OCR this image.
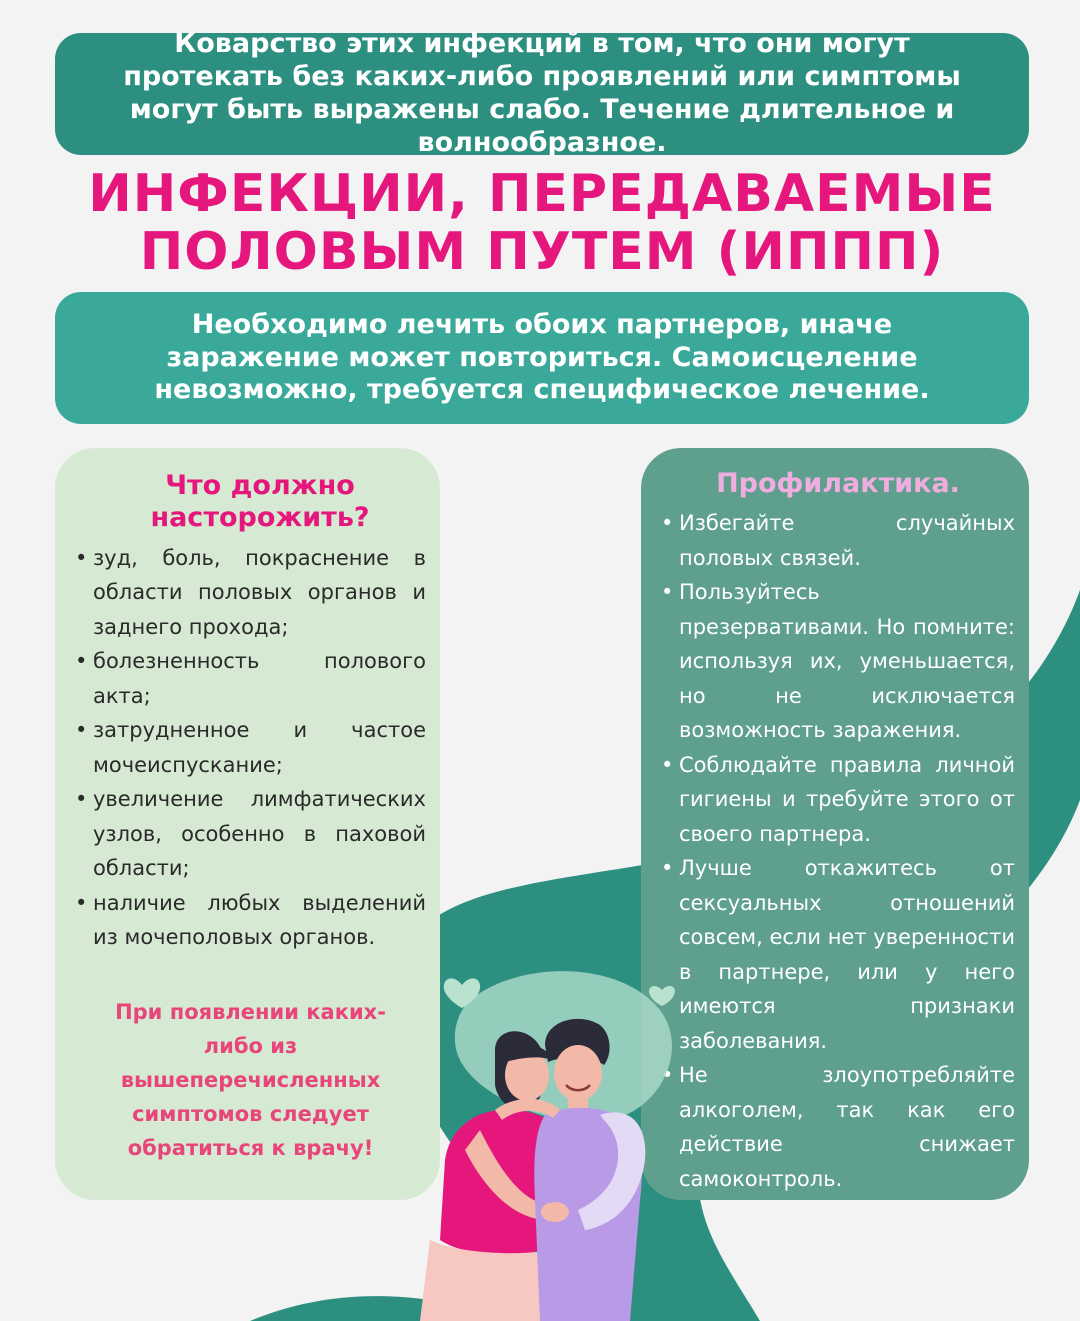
Коварство этих инфекций в том, что они могут протекать без каких-либо проявлений или симптомы могут быть выражены слабо. Течение длительное и волнообразное.
ИНФЕКЦИИ, ПЕРЕДАВАЕМЫЕ
ПОЛОВЫМ ПУТЕМ (ИППП)
Необходимо лечить обоих партнеров, иначе заражение может повториться. Самоисцеление невозможно, требуется специфическое лечение.
Что должно насторожить?
• зуд, боль, покраснение в области половых органов и заднего прохода;
• болезненность полового акта;
• затрудненное и частое мочеиспускание;
• увеличение лимфатических узлов, особенно в паховой области;
• наличие любых выделений из мочеполовых органов.
При появлении каких-либо из вышеперечисленных симптомов следует обратиться к врачу!
Профилактика.
• Избегайте случайных половых связей.
• Пользуйтесь презервативами. Но помните: используя их, уменьшается, но не исключается возможность заражения.
• Соблюдайте правила личной гигиены и требуйте этого от своего партнера.
• Лучше откажитесь от сексуальных отношений совсем, если нет уверенности в партнере, или у него имеются признаки заболевания.
• Не злоупотребляйте алкоголем, так как его действие снижает самоконтроль.
